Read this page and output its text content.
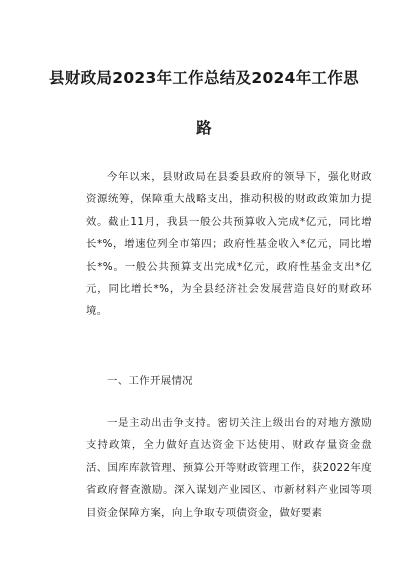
县财政局2023年工作总结及2024年工作思
路

今年以来，县财政局在县委县政府的领导下，强化财政资源统筹，保障重大战略支出，推动积极的财政政策加力提效。截止11月，我县一般公共预算收入完成*亿元，同比增长*%，增速位列全市第四；政府性基金收入*亿元，同比增长*%。一般公共预算支出完成*亿元，政府性基金支出*亿元，同比增长*%，为全县经济社会发展营造良好的财政环境。

一、工作开展情况

一是主动出击争支持。密切关注上级出台的对地方激励支持政策，全力做好直达资金下达使用、财政存量资金盘活、国库库款管理、预算公开等财政管理工作，获2022年度省政府督查激励。深入谋划产业园区、市新材料产业园等项目资金保障方案，向上争取专项债资金，做好要素
